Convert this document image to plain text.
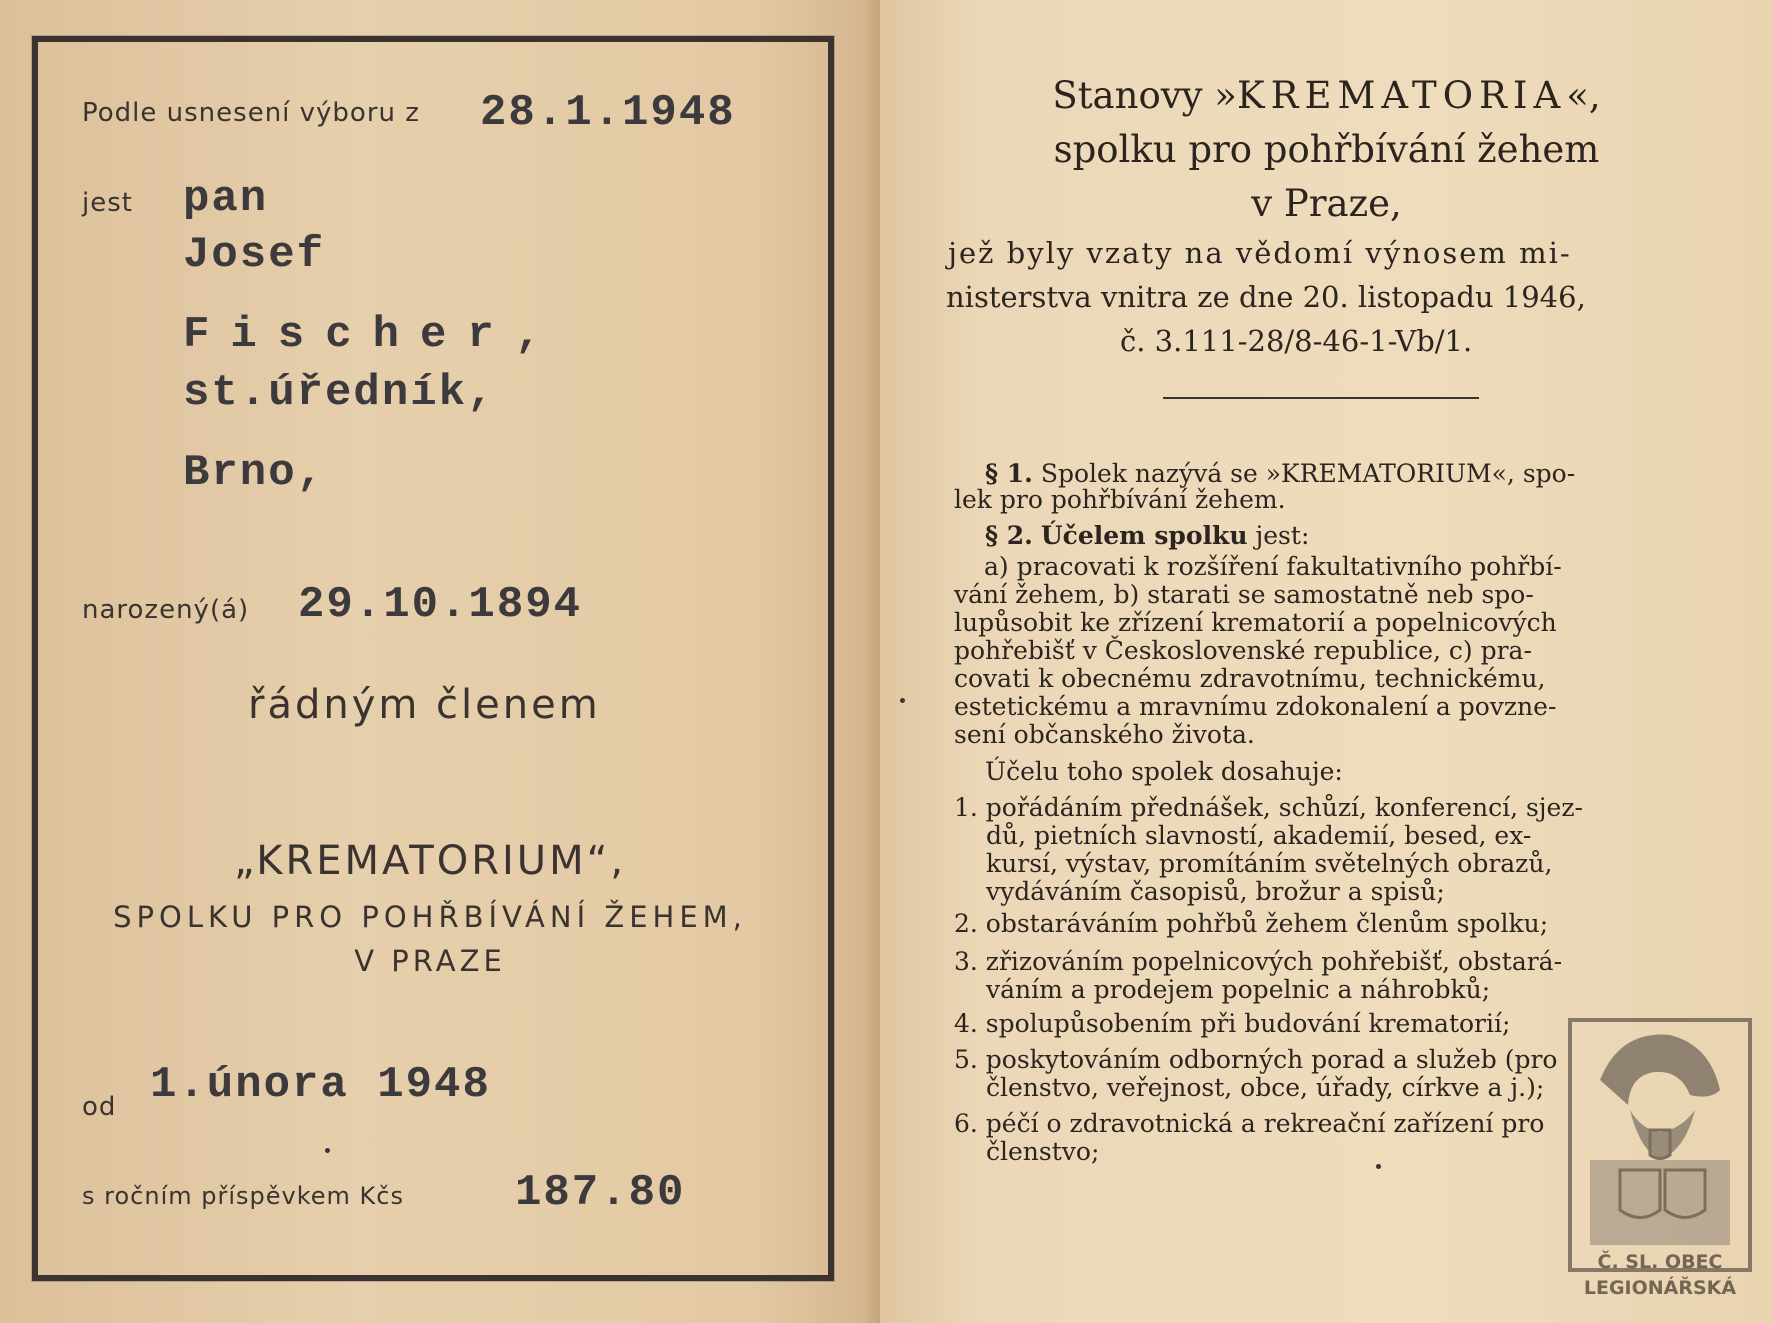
Podle usnesení výboru z 28.1.1948
jest pan
Josef
Fischer,
st.úředník,
Brno,
narozený(á) 29.10.1894
řádným členem
„KREMATORIUM“,
SPOLKU PRO POHŘBÍVÁNÍ ŽEHEM,
V PRAZE
od 1.února 1948
s ročním příspěvkem Kčs	187.80
Stanovy »KREMATORIA«,
spolku pro pohřbívání žehem
v Praze,
jež byly vzaty na vědomí výnosem mi-
nisterstva vnitra ze dne 20. listopadu 1946,
č. 3.111-28/8-46-1-Vb/1.
§ 1. Spolek nazývá se »KREMATORIUM«, spo-
lek pro pohřbívání žehem.
§ 2. Účelem spolku jest:
a) pracovati k rozšíření fakultativního pohřbí-
vání žehem, b) starati se samostatně neb spo-
lupůsobit ke zřízení krematorií a popelnicových
pohřebišť v Československé republice, c) pra-
covati k obecnému zdravotnímu, technickému,
estetickému a mravnímu zdokonalení a povzne-
sení občanského života.
Účelu toho spolek dosahuje:
1. pořádáním přednášek, schůzí, konferencí, sjez-
dů, pietních slavností, akademií, besed, ex-
kursí, výstav, promítáním světelných obrazů,
vydáváním časopisů, brožur a spisů;
2. obstaráváním pohřbů žehem členům spolku;
3. zřizováním popelnicových pohřebišť, obstará-
váním a prodejem popelnic a náhrobků;
4. spolupůsobením při budování krematorií;
5. poskytováním odborných porad a služeb (pro
členstvo, veřejnost, obce, úřady, církve a j.);
6. péčí o zdravotnická a rekreační zařízení pro
členstvo;
Č. SL. OBEC
LEGIONÁŘSKÁ
